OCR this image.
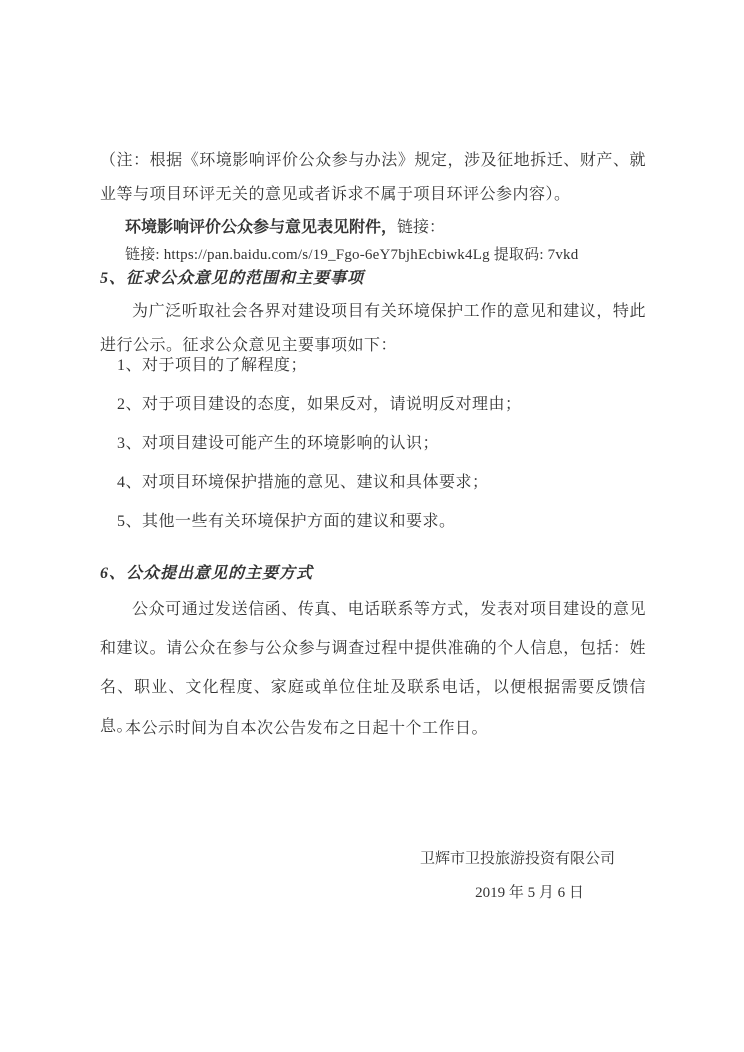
（注：根据《环境影响评价公众参与办法》规定，涉及征地拆迁、财产、就业等与项目环评无关的意见或者诉求不属于项目环评公参内容）。

环境影响评价公众参与意见表见附件，链接：

链接: https://pan.baidu.com/s/19_Fgo-6eY7bjhEcbiwk4Lg 提取码: 7vkd

5、征求公众意见的范围和主要事项

为广泛听取社会各界对建设项目有关环境保护工作的意见和建议，特此进行公示。征求公众意见主要事项如下：

1、对于项目的了解程度；
2、对于项目建设的态度，如果反对，请说明反对理由；
3、对项目建设可能产生的环境影响的认识；
4、对项目环境保护措施的意见、建议和具体要求；
5、其他一些有关环境保护方面的建议和要求。
6、公众提出意见的主要方式

公众可通过发送信函、传真、电话联系等方式，发表对项目建设的意见和建议。请公众在参与公众参与调查过程中提供准确的个人信息，包括：姓名、职业、文化程度、家庭或单位住址及联系电话，以便根据需要反馈信息。

本公示时间为自本次公告发布之日起十个工作日。

卫辉市卫投旅游投资有限公司
2019 年 5 月 6 日
